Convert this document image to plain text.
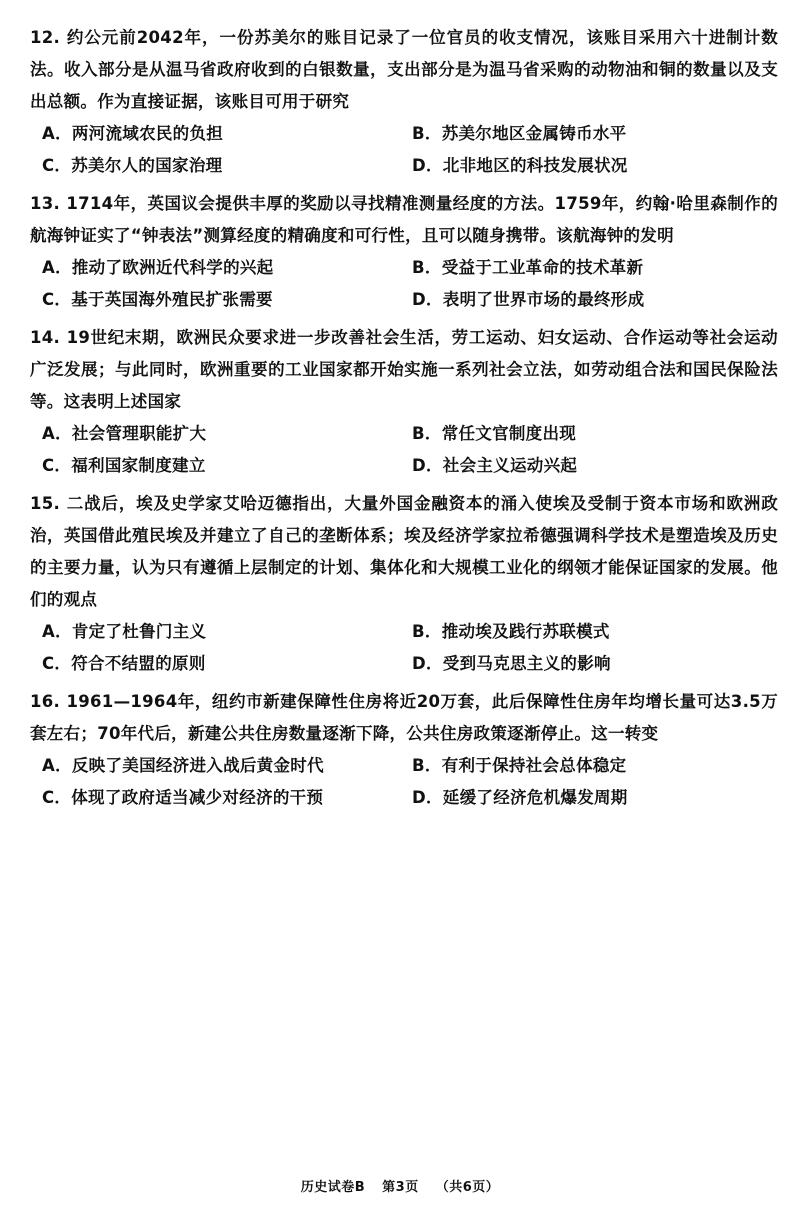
12. 约公元前2042年，一份苏美尔的账目记录了一位官员的收支情况，该账目采用六十进制计数法。收入部分是从温马省政府收到的白银数量，支出部分是为温马省采购的动物油和铜的数量以及支出总额。作为直接证据，该账目可用于研究

A．两河流域农民的负担	B．苏美尔地区金属铸币水平
C．苏美尔人的国家治理	D．北非地区的科技发展状况

13. 1714年，英国议会提供丰厚的奖励以寻找精准测量经度的方法。1759年，约翰·哈里森制作的航海钟证实了“钟表法”测算经度的精确度和可行性，且可以随身携带。该航海钟的发明

A．推动了欧洲近代科学的兴起	B．受益于工业革命的技术革新
C．基于英国海外殖民扩张需要	D．表明了世界市场的最终形成

14. 19世纪末期，欧洲民众要求进一步改善社会生活，劳工运动、妇女运动、合作运动等社会运动广泛发展；与此同时，欧洲重要的工业国家都开始实施一系列社会立法，如劳动组合法和国民保险法等。这表明上述国家

A．社会管理职能扩大	B．常任文官制度出现
C．福利国家制度建立	D．社会主义运动兴起

15. 二战后，埃及史学家艾哈迈德指出，大量外国金融资本的涌入使埃及受制于资本市场和欧洲政治，英国借此殖民埃及并建立了自己的垄断体系；埃及经济学家拉希德强调科学技术是塑造埃及历史的主要力量，认为只有遵循上层制定的计划、集体化和大规模工业化的纲领才能保证国家的发展。他们的观点

A．肯定了杜鲁门主义	B．推动埃及践行苏联模式
C．符合不结盟的原则	D．受到马克思主义的影响

16. 1961—1964年，纽约市新建保障性住房将近20万套，此后保障性住房年均增长量可达3.5万套左右；70年代后，新建公共住房数量逐渐下降，公共住房政策逐渐停止。这一转变

A．反映了美国经济进入战后黄金时代	B．有利于保持社会总体稳定
C．体现了政府适当减少对经济的干预	D．延缓了经济危机爆发周期
历史试卷B 第3页 （共6页）
